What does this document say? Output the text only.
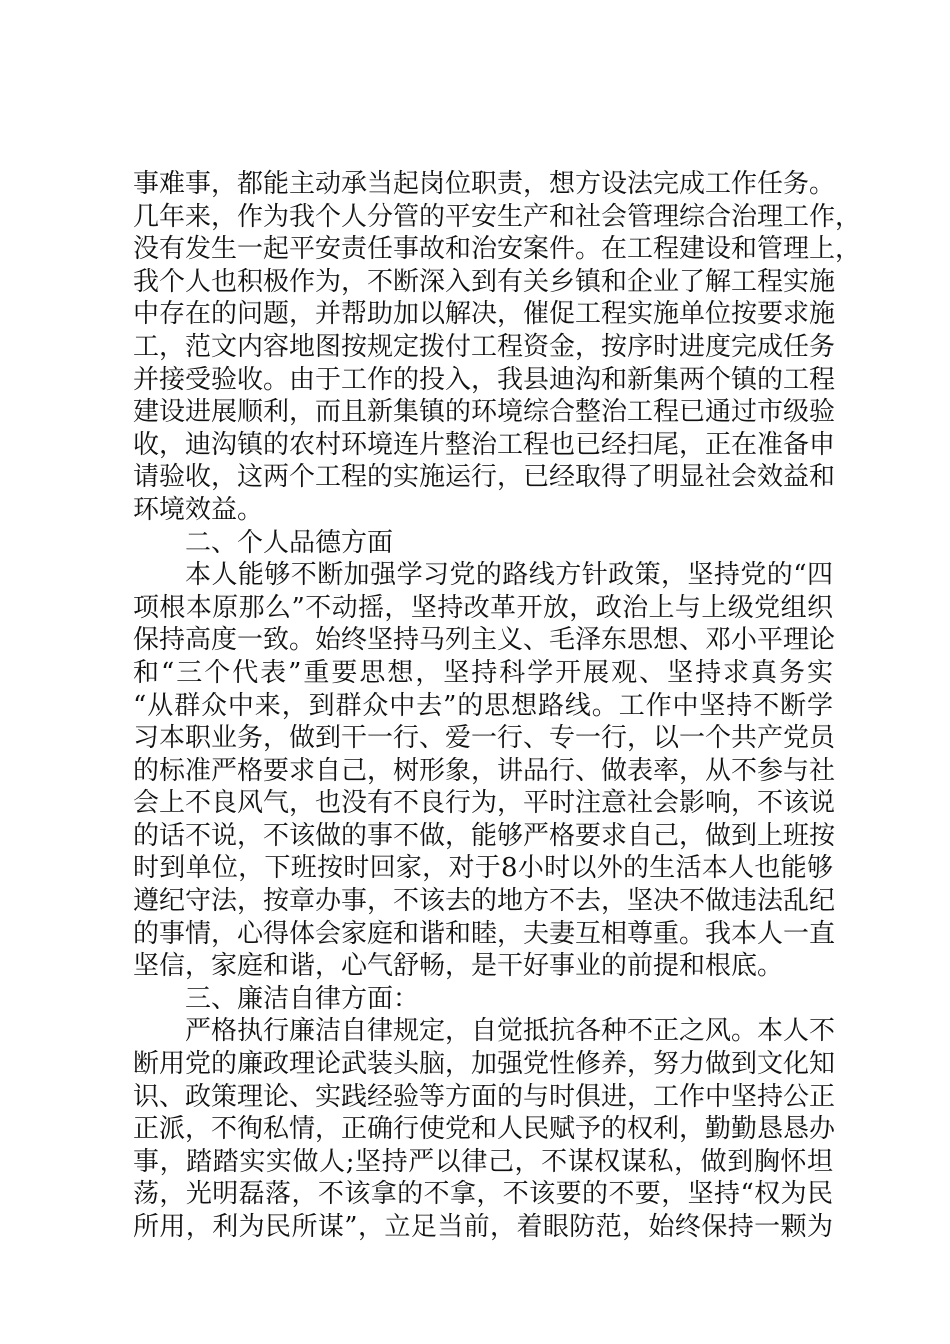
事难事，都能主动承当起岗位职责，想方设法完成工作任务。
几年来，作为我个人分管的平安生产和社会管理综合治理工作，
没有发生一起平安责任事故和治安案件。在工程建设和管理上，
我个人也积极作为，不断深入到有关乡镇和企业了解工程实施
中存在的问题，并帮助加以解决，催促工程实施单位按要求施
工，范文内容地图按规定拨付工程资金，按序时进度完成任务
并接受验收。由于工作的投入，我县迪沟和新集两个镇的工程
建设进展顺利，而且新集镇的环境综合整治工程已通过市级验
收，迪沟镇的农村环境连片整治工程也已经扫尾，正在准备申
请验收，这两个工程的实施运行，已经取得了明显社会效益和
环境效益。
二、个人品德方面
本人能够不断加强学习党的路线方针政策，坚持党的“四
项根本原那么”不动摇，坚持改革开放，政治上与上级党组织
保持高度一致。始终坚持马列主义、毛泽东思想、邓小平理论
和“三个代表”重要思想，坚持科学开展观、坚持求真务实
“从群众中来，到群众中去”的思想路线。工作中坚持不断学
习本职业务，做到干一行、爱一行、专一行，以一个共产党员
的标准严格要求自己，树形象，讲品行、做表率，从不参与社
会上不良风气，也没有不良行为，平时注意社会影响，不该说
的话不说，不该做的事不做，能够严格要求自己，做到上班按
时到单位，下班按时回家，对于8小时以外的生活本人也能够
遵纪守法，按章办事，不该去的地方不去，坚决不做违法乱纪
的事情，心得体会家庭和谐和睦，夫妻互相尊重。我本人一直
坚信，家庭和谐，心气舒畅，是干好事业的前提和根底。
三、廉洁自律方面：
严格执行廉洁自律规定，自觉抵抗各种不正之风。本人不
断用党的廉政理论武装头脑，加强党性修养，努力做到文化知
识、政策理论、实践经验等方面的与时俱进，工作中坚持公正
正派，不徇私情，正确行使党和人民赋予的权利，勤勤恳恳办
事，踏踏实实做人;坚持严以律己，不谋权谋私，做到胸怀坦
荡，光明磊落，不该拿的不拿，不该要的不要，坚持“权为民
所用，利为民所谋”，立足当前，着眼防范，始终保持一颗为
